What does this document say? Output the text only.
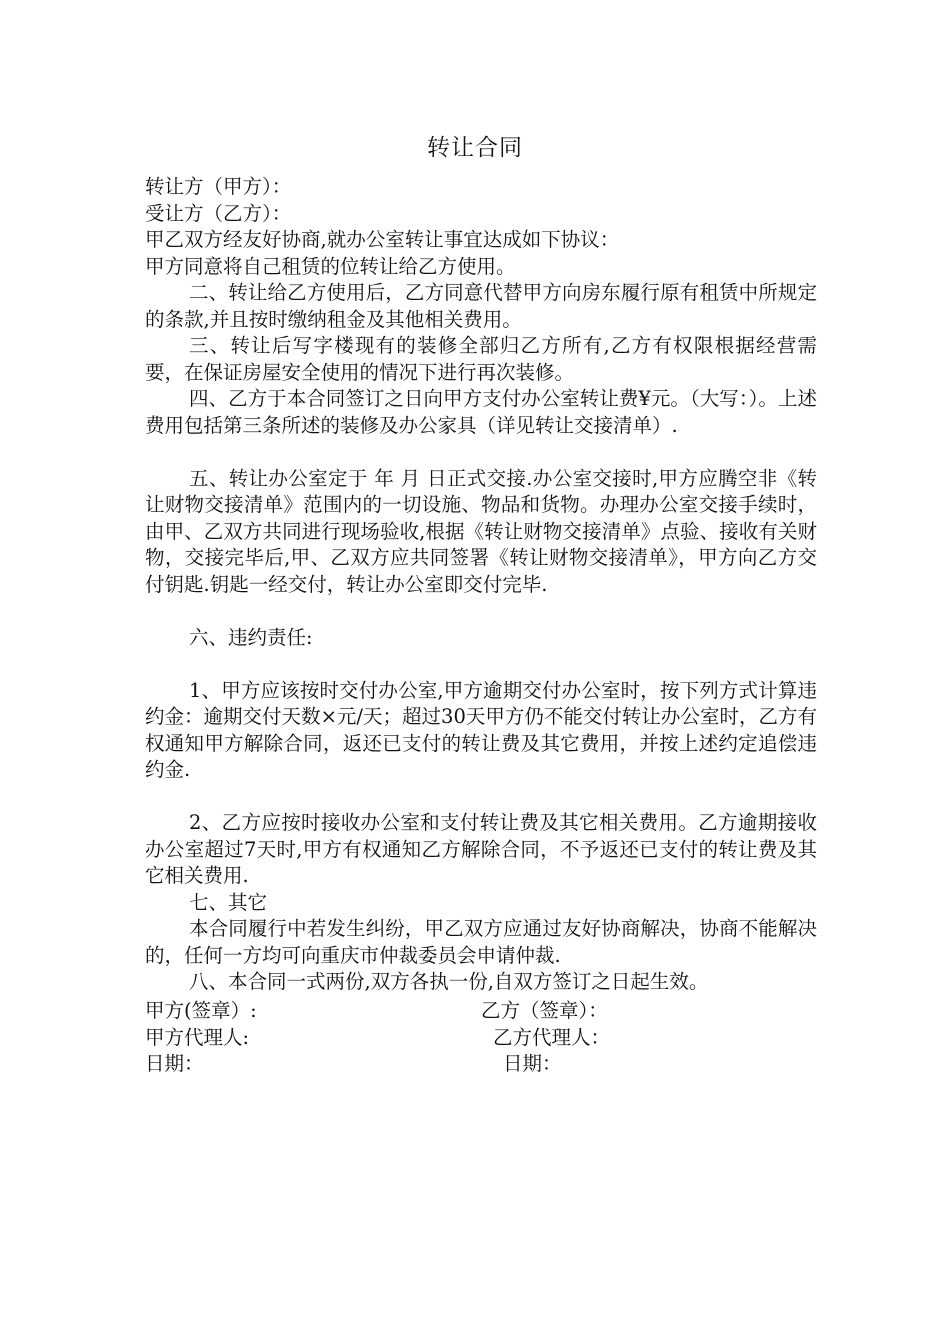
转让合同

转让方（甲方）：

受让方（乙方）：

甲乙双方经友好协商,就办公室转让事宜达成如下协议：

甲方同意将自己租赁的位转让给乙方使用。

二、转让给乙方使用后，乙方同意代替甲方向房东履行原有租赁中所规定的条款,并且按时缴纳租金及其他相关费用。

三、转让后写字楼现有的装修全部归乙方所有,乙方有权限根据经营需要，在保证房屋安全使用的情况下进行再次装修。

四、乙方于本合同签订之日向甲方支付办公室转让费¥元。（大写：）。上述费用包括第三条所述的装修及办公家具（详见转让交接清单）.

五、转让办公室定于 年 月 日正式交接.办公室交接时,甲方应腾空非《转让财物交接清单》范围内的一切设施、物品和货物。办理办公室交接手续时，由甲、乙双方共同进行现场验收,根据《转让财物交接清单》点验、接收有关财物，交接完毕后,甲、乙双方应共同签署《转让财物交接清单》，甲方向乙方交付钥匙.钥匙一经交付，转让办公室即交付完毕.

六、违约责任:

1、甲方应该按时交付办公室,甲方逾期交付办公室时，按下列方式计算违约金：逾期交付天数×元/天；超过30天甲方仍不能交付转让办公室时，乙方有权通知甲方解除合同，返还已支付的转让费及其它费用，并按上述约定追偿违约金.

2、乙方应按时接收办公室和支付转让费及其它相关费用。乙方逾期接收办公室超过7天时,甲方有权通知乙方解除合同，不予返还已支付的转让费及其它相关费用.

七、其它

本合同履行中若发生纠纷，甲乙双方应通过友好协商解决，协商不能解决的，任何一方均可向重庆市仲裁委员会申请仲裁.

八、本合同一式两份,双方各执一份,自双方签订之日起生效。

甲方(签章）:	乙方（签章）：
甲方代理人:	乙方代理人：
日期：	日期：
